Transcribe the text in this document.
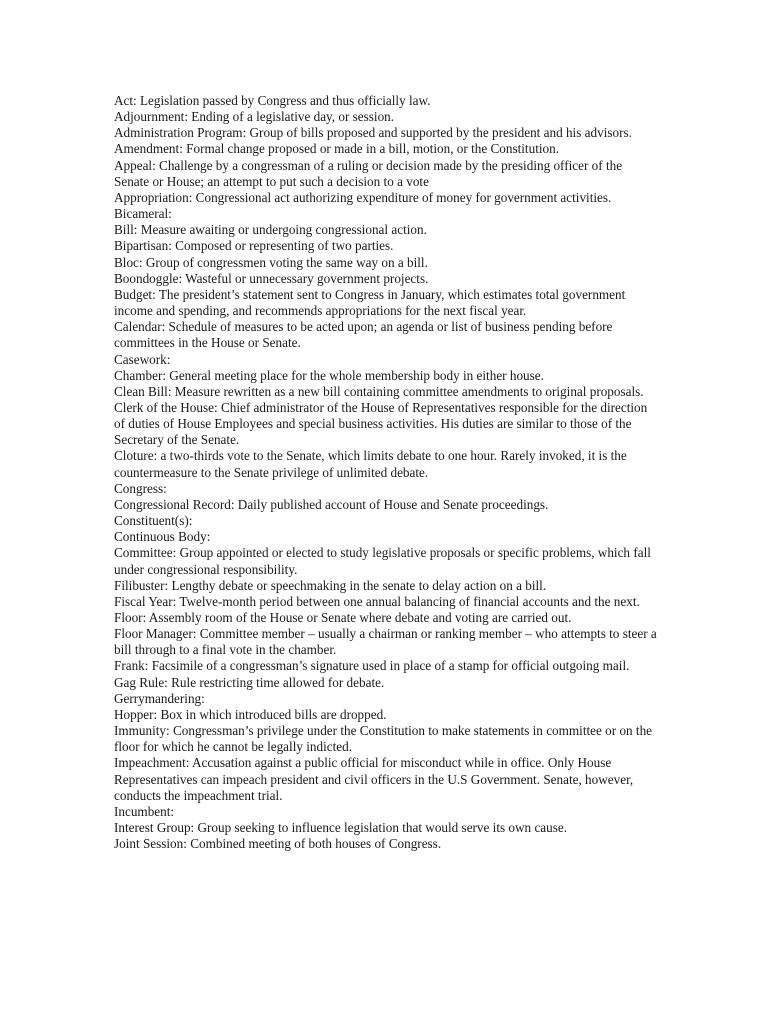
Act: Legislation passed by Congress and thus officially law.

Adjournment: Ending of a legislative day, or session.

Administration Program: Group of bills proposed and supported by the president and his advisors.

Amendment: Formal change proposed or made in a bill, motion, or the Constitution.

Appeal: Challenge by a congressman of a ruling or decision made by the presiding officer of the Senate or House; an attempt to put such a decision to a vote

Appropriation: Congressional act authorizing expenditure of money for government activities.

Bicameral:

Bill: Measure awaiting or undergoing congressional action.

Bipartisan: Composed or representing of two parties.

Bloc: Group of congressmen voting the same way on a bill.

Boondoggle: Wasteful or unnecessary government projects.

Budget: The president’s statement sent to Congress in January, which estimates total government income and spending, and recommends appropriations for the next fiscal year.

Calendar: Schedule of measures to be acted upon; an agenda or list of business pending before committees in the House or Senate.

Casework:

Chamber: General meeting place for the whole membership body in either house.

Clean Bill: Measure rewritten as a new bill containing committee amendments to original proposals.

Clerk of the House: Chief administrator of the House of Representatives responsible for the direction of duties of House Employees and special business activities. His duties are similar to those of the Secretary of the Senate.

Cloture: a two-thirds vote to the Senate, which limits debate to one hour. Rarely invoked, it is the countermeasure to the Senate privilege of unlimited debate.

Congress:

Congressional Record: Daily published account of House and Senate proceedings.

Constituent(s):

Continuous Body:

Committee: Group appointed or elected to study legislative proposals or specific problems, which fall under congressional responsibility.

Filibuster: Lengthy debate or speechmaking in the senate to delay action on a bill.

Fiscal Year: Twelve-month period between one annual balancing of financial accounts and the next.

Floor: Assembly room of the House or Senate where debate and voting are carried out.

Floor Manager: Committee member – usually a chairman or ranking member – who attempts to steer a bill through to a final vote in the chamber.

Frank: Facsimile of a congressman’s signature used in place of a stamp for official outgoing mail.

Gag Rule: Rule restricting time allowed for debate.

Gerrymandering:

Hopper: Box in which introduced bills are dropped.

Immunity: Congressman’s privilege under the Constitution to make statements in committee or on the floor for which he cannot be legally indicted.

Impeachment: Accusation against a public official for misconduct while in office. Only House Representatives can impeach president and civil officers in the U.S Government. Senate, however, conducts the impeachment trial.

Incumbent:

Interest Group: Group seeking to influence legislation that would serve its own cause.

Joint Session: Combined meeting of both houses of Congress.
